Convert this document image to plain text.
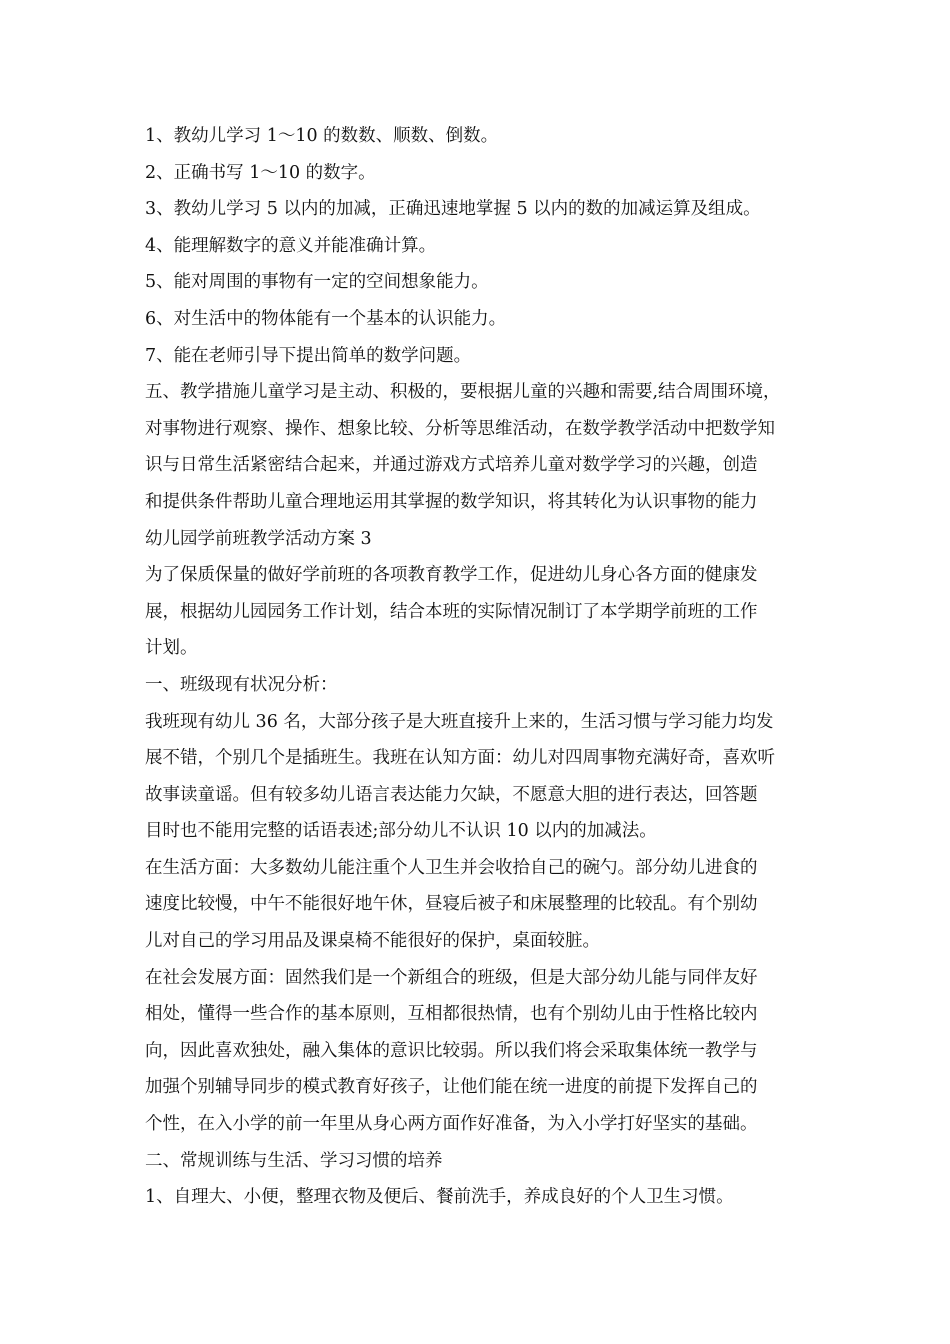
1、教幼儿学习 1～10 的数数、顺数、倒数。

2、正确书写 1～10 的数字。

3、教幼儿学习 5 以内的加减，正确迅速地掌握 5 以内的数的加减运算及组成。

4、能理解数字的意义并能准确计算。

5、能对周围的事物有一定的空间想象能力。

6、对生活中的物体能有一个基本的认识能力。

7、能在老师引导下提出简单的数学问题。

五、教学措施儿童学习是主动、积极的，要根据儿童的兴趣和需要,结合周围环境，
对事物进行观察、操作、想象比较、分析等思维活动，在数学教学活动中把数学知
识与日常生活紧密结合起来，并通过游戏方式培养儿童对数学学习的兴趣，创造
和提供条件帮助儿童合理地运用其掌握的数学知识，将其转化为认识事物的能力

幼儿园学前班教学活动方案 3

为了保质保量的做好学前班的各项教育教学工作，促进幼儿身心各方面的健康发
展，根据幼儿园园务工作计划，结合本班的实际情况制订了本学期学前班的工作
计划。

一、班级现有状况分析：

我班现有幼儿 36 名，大部分孩子是大班直接升上来的，生活习惯与学习能力均发
展不错，个别几个是插班生。我班在认知方面：幼儿对四周事物充满好奇，喜欢听
故事读童谣。但有较多幼儿语言表达能力欠缺，不愿意大胆的进行表达，回答题
目时也不能用完整的话语表述;部分幼儿不认识 10 以内的加减法。

在生活方面：大多数幼儿能注重个人卫生并会收拾自己的碗勺。部分幼儿进食的
速度比较慢，中午不能很好地午休，昼寝后被子和床展整理的比较乱。有个别幼
儿对自己的学习用品及课桌椅不能很好的保护，桌面较脏。

在社会发展方面：固然我们是一个新组合的班级，但是大部分幼儿能与同伴友好
相处，懂得一些合作的基本原则，互相都很热情，也有个别幼儿由于性格比较内
向，因此喜欢独处，融入集体的意识比较弱。所以我们将会采取集体统一教学与
加强个别辅导同步的模式教育好孩子，让他们能在统一进度的前提下发挥自己的
个性，在入小学的前一年里从身心两方面作好准备，为入小学打好坚实的基础。

二、常规训练与生活、学习习惯的培养

1、自理大、小便，整理衣物及便后、餐前洗手，养成良好的个人卫生习惯。
